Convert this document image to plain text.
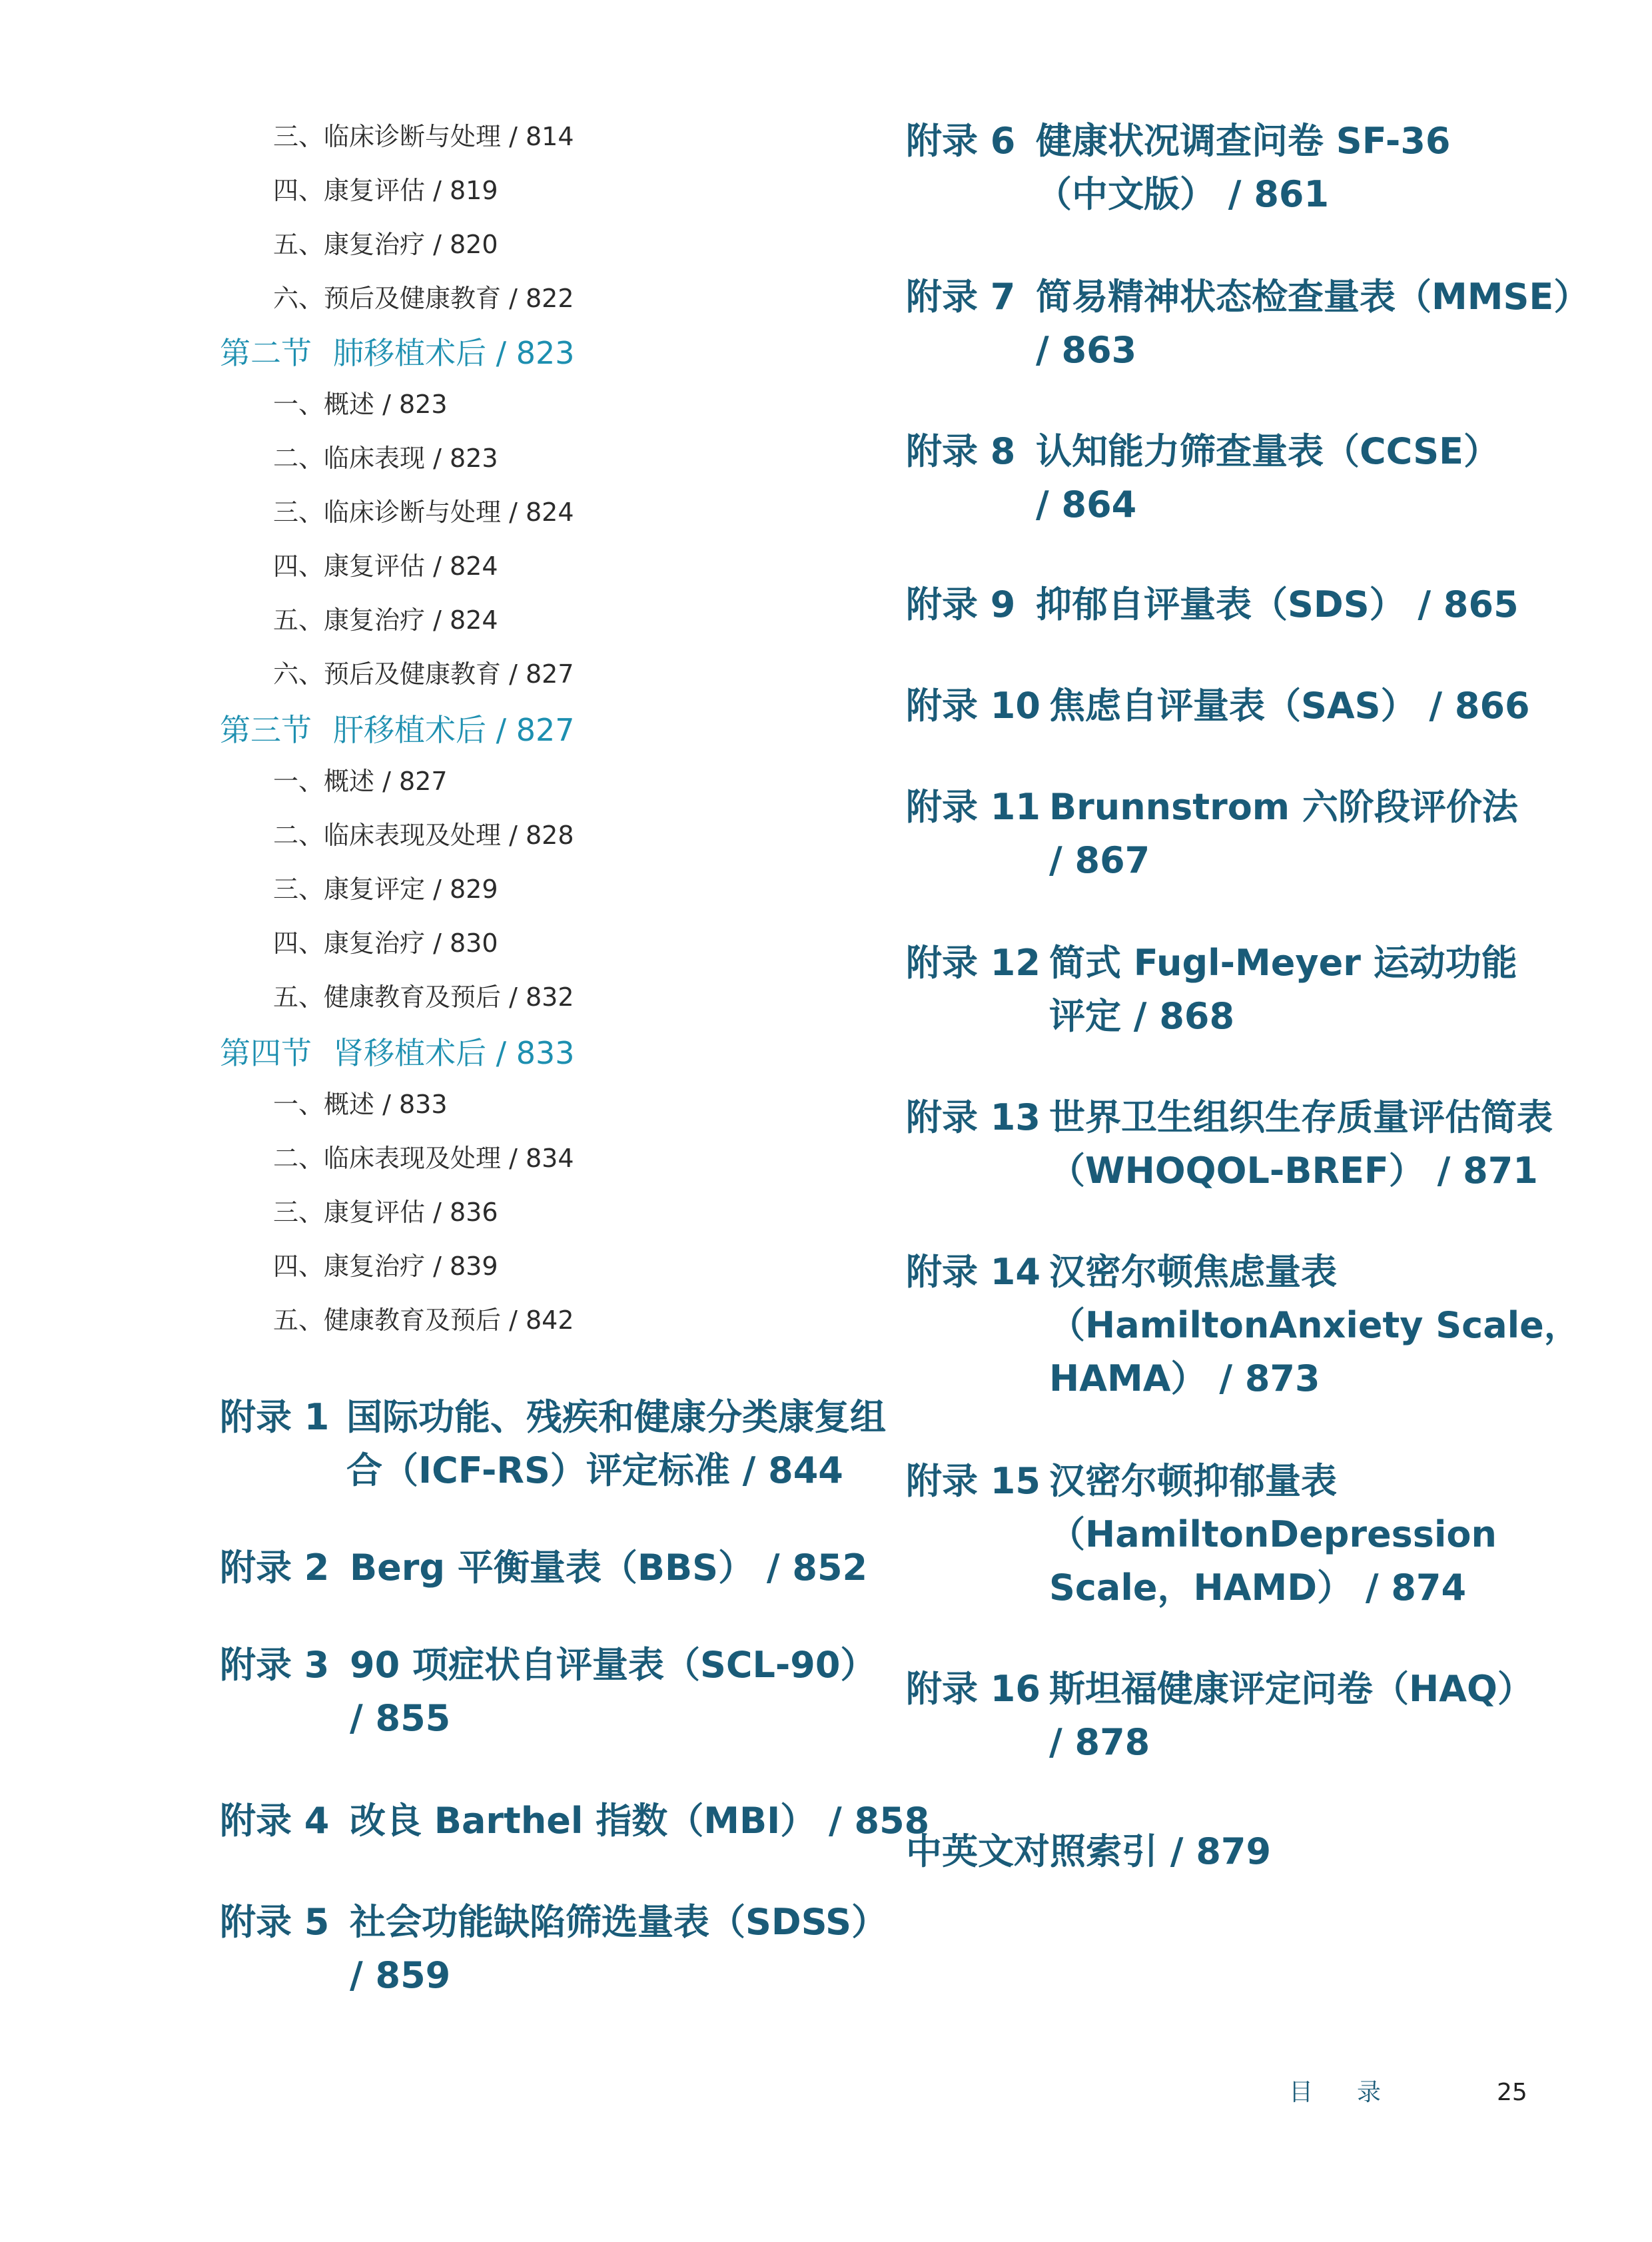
三、临床诊断与处理 / 814
四、康复评估 / 819
五、康复治疗 / 820
六、预后及健康教育 / 822
一、概述 / 823
二、临床表现 / 823
三、临床诊断与处理 / 824
四、康复评估 / 824
五、康复治疗 / 824
六、预后及健康教育 / 827
一、概述 / 827
二、临床表现及处理 / 828
三、康复评定 / 829
四、康复治疗 / 830
五、健康教育及预后 / 832
一、概述 / 833
二、临床表现及处理 / 834
三、康复评估 / 836
四、康复治疗 / 839
五、健康教育及预后 / 842
第二节 肺移植术后 / 823
第三节 肝移植术后 / 827
第四节 肾移植术后 / 833
附录 1 国际功能、残疾和健康分类康复组
合（ICF-RS）评定标准 / 844
附录 2 Berg 平衡量表（BBS） / 852
附录 3 90 项症状自评量表（SCL-90）
/ 855
附录 4 改良 Barthel 指数（MBI） / 858
附录 5 社会功能缺陷筛选量表（SDSS）
/ 859
附录 6 健康状况调查问卷 SF-36
（中文版） / 861
附录 7 简易精神状态检查量表（MMSE）
/ 863
附录 8 认知能力筛查量表（CCSE）
/ 864
附录 9 抑郁自评量表（SDS） / 865
附录 10 焦虑自评量表（SAS） / 866
附录 11 Brunnstrom 六阶段评价法
/ 867
附录 12 简式 Fugl-Meyer 运动功能
评定 / 868
附录 13 世界卫生组织生存质量评估简表
（WHOQOL-BREF） / 871
附录 14 汉密尔顿焦虑量表
（HamiltonAnxiety Scale，
HAMA） / 873
附录 15 汉密尔顿抑郁量表
（HamiltonDepression
Scale，HAMD） / 874
附录 16 斯坦福健康评定问卷（HAQ）
/ 878
中英文对照索引 / 879
目录	25
